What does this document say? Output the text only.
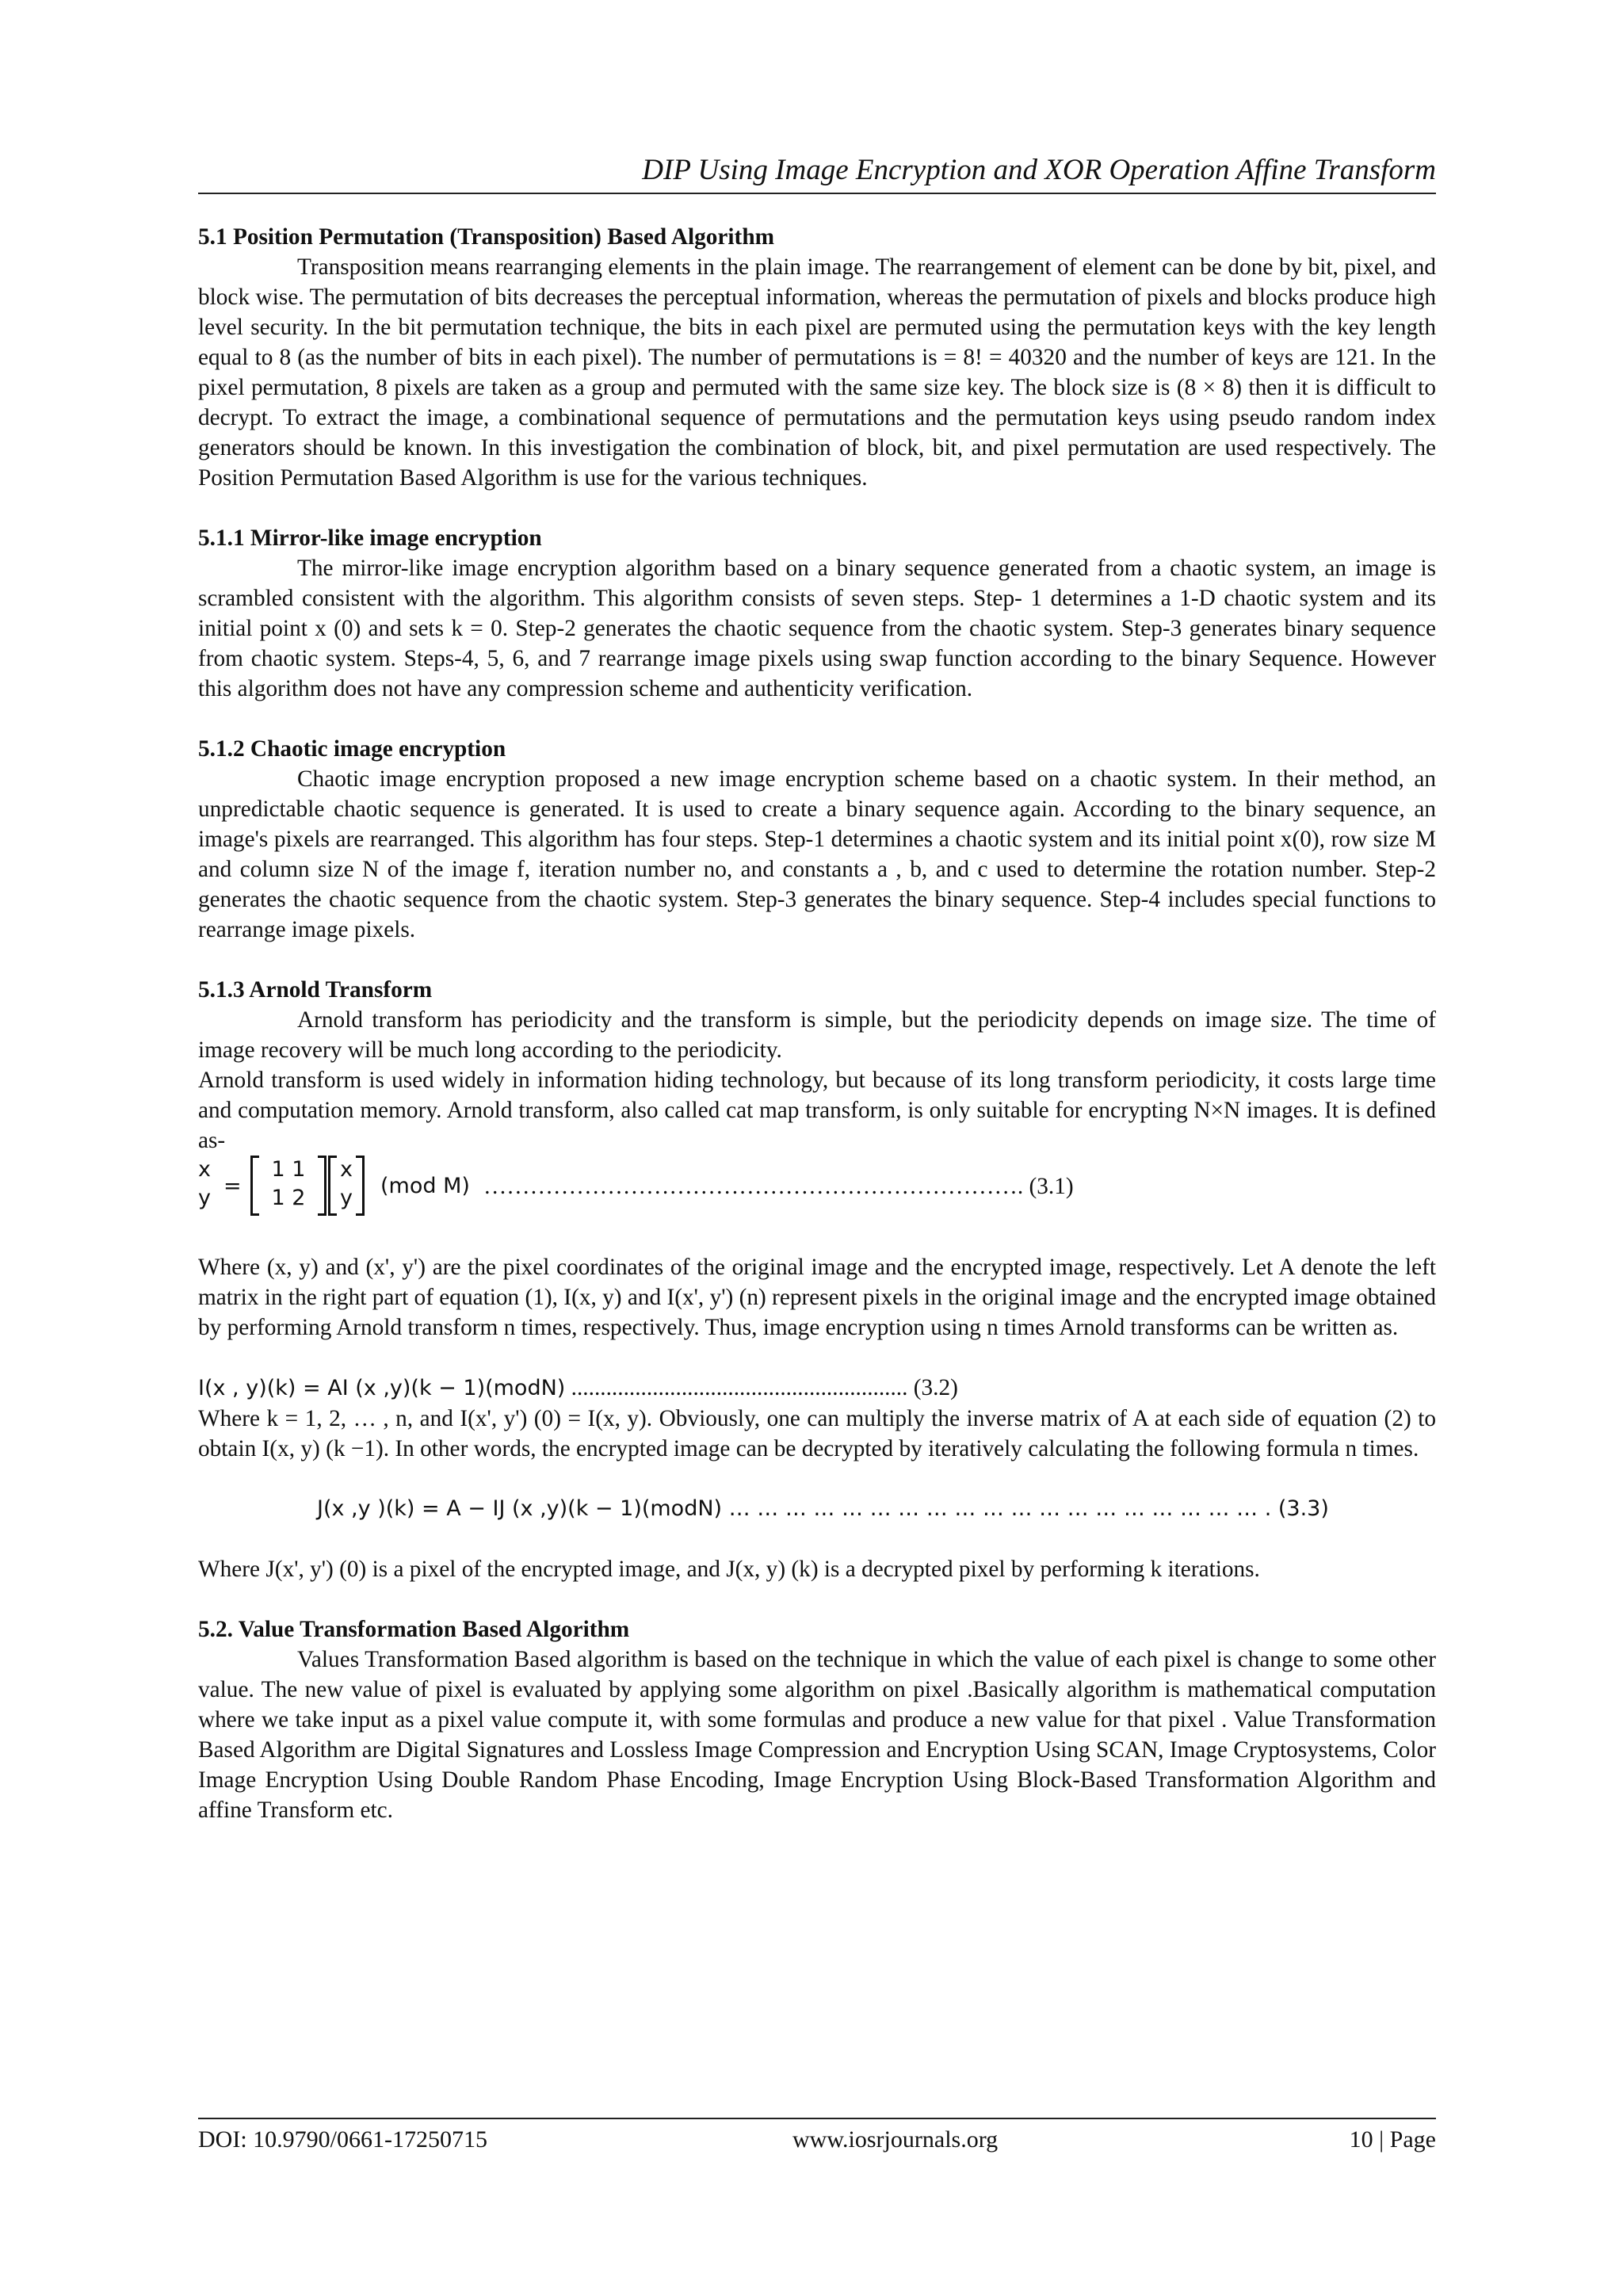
DIP Using Image Encryption and XOR Operation Affine Transform
5.1 Position Permutation (Transposition) Based Algorithm

Transposition means rearranging elements in the plain image. The rearrangement of element can be done by bit, pixel, and block wise. The permutation of bits decreases the perceptual information, whereas the permutation of pixels and blocks produce high level security. In the bit permutation technique, the bits in each pixel are permuted using the permutation keys with the key length equal to 8 (as the number of bits in each pixel). The number of permutations is = 8! = 40320 and the number of keys are 121. In the pixel permutation, 8 pixels are taken as a group and permuted with the same size key. The block size is (8 × 8) then it is difficult to decrypt. To extract the image, a combinational sequence of permutations and the permutation keys using pseudo random index generators should be known. In this investigation the combination of block, bit, and pixel permutation are used respectively. The Position Permutation Based Algorithm is use for the various techniques.

5.1.1 Mirror-like image encryption

The mirror-like image encryption algorithm based on a binary sequence generated from a chaotic system, an image is scrambled consistent with the algorithm. This algorithm consists of seven steps. Step- 1 determines a 1-D chaotic system and its initial point x (0) and sets k = 0. Step-2 generates the chaotic sequence from the chaotic system. Step-3 generates binary sequence from chaotic system. Steps-4, 5, 6, and 7 rearrange image pixels using swap function according to the binary Sequence. However this algorithm does not have any compression scheme and authenticity verification.

5.1.2 Chaotic image encryption

Chaotic image encryption proposed a new image encryption scheme based on a chaotic system. In their method, an unpredictable chaotic sequence is generated. It is used to create a binary sequence again. According to the binary sequence, an image's pixels are rearranged. This algorithm has four steps. Step-1 determines a chaotic system and its initial point x(0), row size M and column size N of the image f, iteration number no, and constants a , b, and c used to determine the rotation number. Step-2 generates the chaotic sequence from the chaotic system. Step-3 generates the binary sequence. Step-4 includes special functions to rearrange image pixels.

5.1.3 Arnold Transform

Arnold transform has periodicity and the transform is simple, but the periodicity depends on image size. The time of image recovery will be much long according to the periodicity.

Arnold transform is used widely in information hiding technology, but because of its long transform periodicity, it costs large time and computation memory. Arnold transform, also called cat map transform, is only suitable for encrypting N×N images. It is defined as-

x
y =
1 1
1 2
x
y	(mod M) ……………………………………………………………. (3.1)

Where (x, y) and (x', y') are the pixel coordinates of the original image and the encrypted image, respectively. Let A denote the left matrix in the right part of equation (1), I(x, y) and I(x', y') (n) represent pixels in the original image and the encrypted image obtained by performing Arnold transform n times, respectively. Thus, image encryption using n times Arnold transforms can be written as.

I(x , y)(k) = AI (x ,y)(k − 1)(modN) .......................................................... (3.2)

Where k = 1, 2, … , n, and I(x', y') (0) = I(x, y). Obviously, one can multiply the inverse matrix of A at each side of equation (2) to obtain I(x, y) (k −1). In other words, the encrypted image can be decrypted by iteratively calculating the following formula n times.

J(x ,y )(k) = A − IJ (x ,y)(k − 1)(modN) … … … … … … … … … … … … … … … … … … … . (3.3)

Where J(x', y') (0) is a pixel of the encrypted image, and J(x, y) (k) is a decrypted pixel by performing k iterations.

5.2. Value Transformation Based Algorithm

Values Transformation Based algorithm is based on the technique in which the value of each pixel is change to some other value. The new value of pixel is evaluated by applying some algorithm on pixel .Basically algorithm is mathematical computation where we take input as a pixel value compute it, with some formulas and produce a new value for that pixel . Value Transformation Based Algorithm are Digital Signatures and Lossless Image Compression and Encryption Using SCAN, Image Cryptosystems, Color Image Encryption Using Double Random Phase Encoding, Image Encryption Using Block-Based Transformation Algorithm and affine Transform etc.

DOI: 10.9790/0661-17250715	www.iosrjournals.org	10 | Page
